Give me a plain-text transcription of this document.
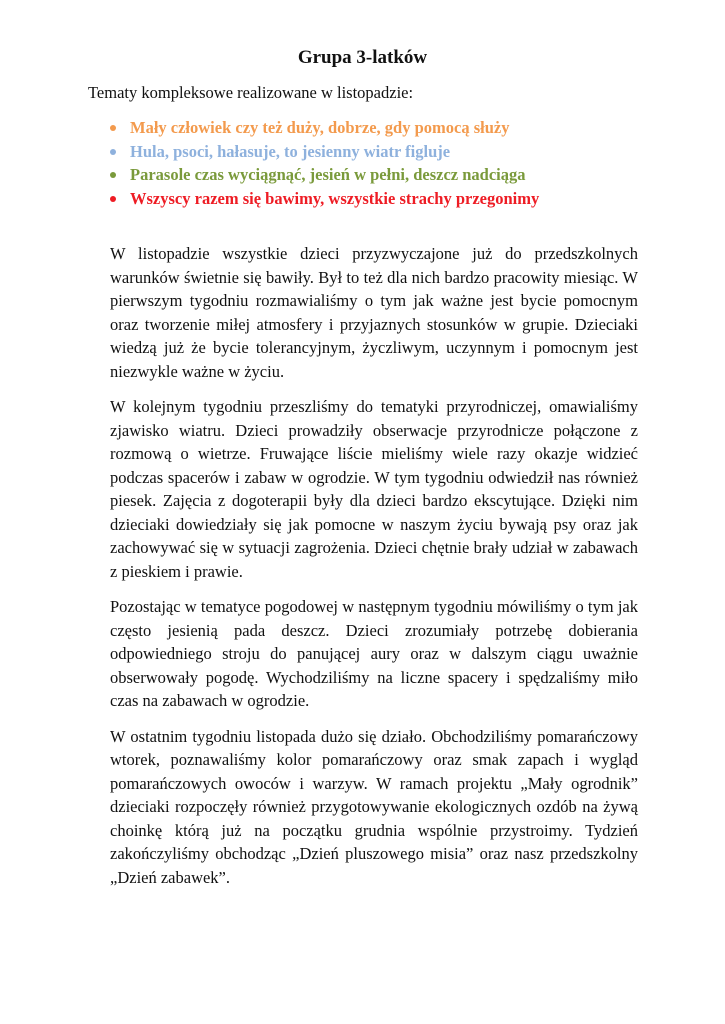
Grupa 3-latków

Tematy kompleksowe realizowane w listopadzie:

Mały człowiek czy też duży, dobrze, gdy pomocą służy
Hula, psoci, hałasuje, to jesienny wiatr figluje
Parasole czas wyciągnąć, jesień w pełni, deszcz nadciąga
Wszyscy razem się bawimy, wszystkie strachy przegonimy

W listopadzie wszystkie dzieci przyzwyczajone już do przedszkolnych warunków świetnie się bawiły. Był to też dla nich bardzo pracowity miesiąc. W pierwszym tygodniu rozmawialiśmy o tym jak ważne jest bycie pomocnym oraz tworzenie miłej atmosfery i przyjaznych stosunków w grupie. Dzieciaki wiedzą już że bycie tolerancyjnym, życzliwym, uczynnym i pomocnym jest niezwykle ważne w życiu.

W kolejnym tygodniu przeszliśmy do tematyki przyrodniczej, omawialiśmy zjawisko wiatru. Dzieci prowadziły obserwacje przyrodnicze połączone z rozmową o wietrze. Fruwające liście mieliśmy wiele razy okazje widzieć podczas spacerów i zabaw w ogrodzie. W tym tygodniu odwiedził nas również piesek. Zajęcia z dogoterapii były dla dzieci bardzo ekscytujące. Dzięki nim dzieciaki dowiedziały się jak pomocne w naszym życiu bywają psy oraz jak zachowywać się w sytuacji zagrożenia. Dzieci chętnie brały udział w zabawach z pieskiem i prawie.

Pozostając w tematyce pogodowej w następnym tygodniu mówiliśmy o tym jak często jesienią pada deszcz. Dzieci zrozumiały potrzebę dobierania odpowiedniego stroju do panującej aury oraz w dalszym ciągu uważnie obserwowały pogodę. Wychodziliśmy na liczne spacery i spędzaliśmy miło czas na zabawach w ogrodzie.

W ostatnim tygodniu listopada dużo się działo. Obchodziliśmy pomarańczowy wtorek, poznawaliśmy kolor pomarańczowy oraz smak zapach i wygląd pomarańczowych owoców i warzyw. W ramach projektu „Mały ogrodnik” dzieciaki rozpoczęły również przygotowywanie ekologicznych ozdób na żywą choinkę którą już na początku grudnia wspólnie przystroimy. Tydzień zakończyliśmy obchodząc „Dzień pluszowego misia” oraz nasz przedszkolny „Dzień zabawek”.
